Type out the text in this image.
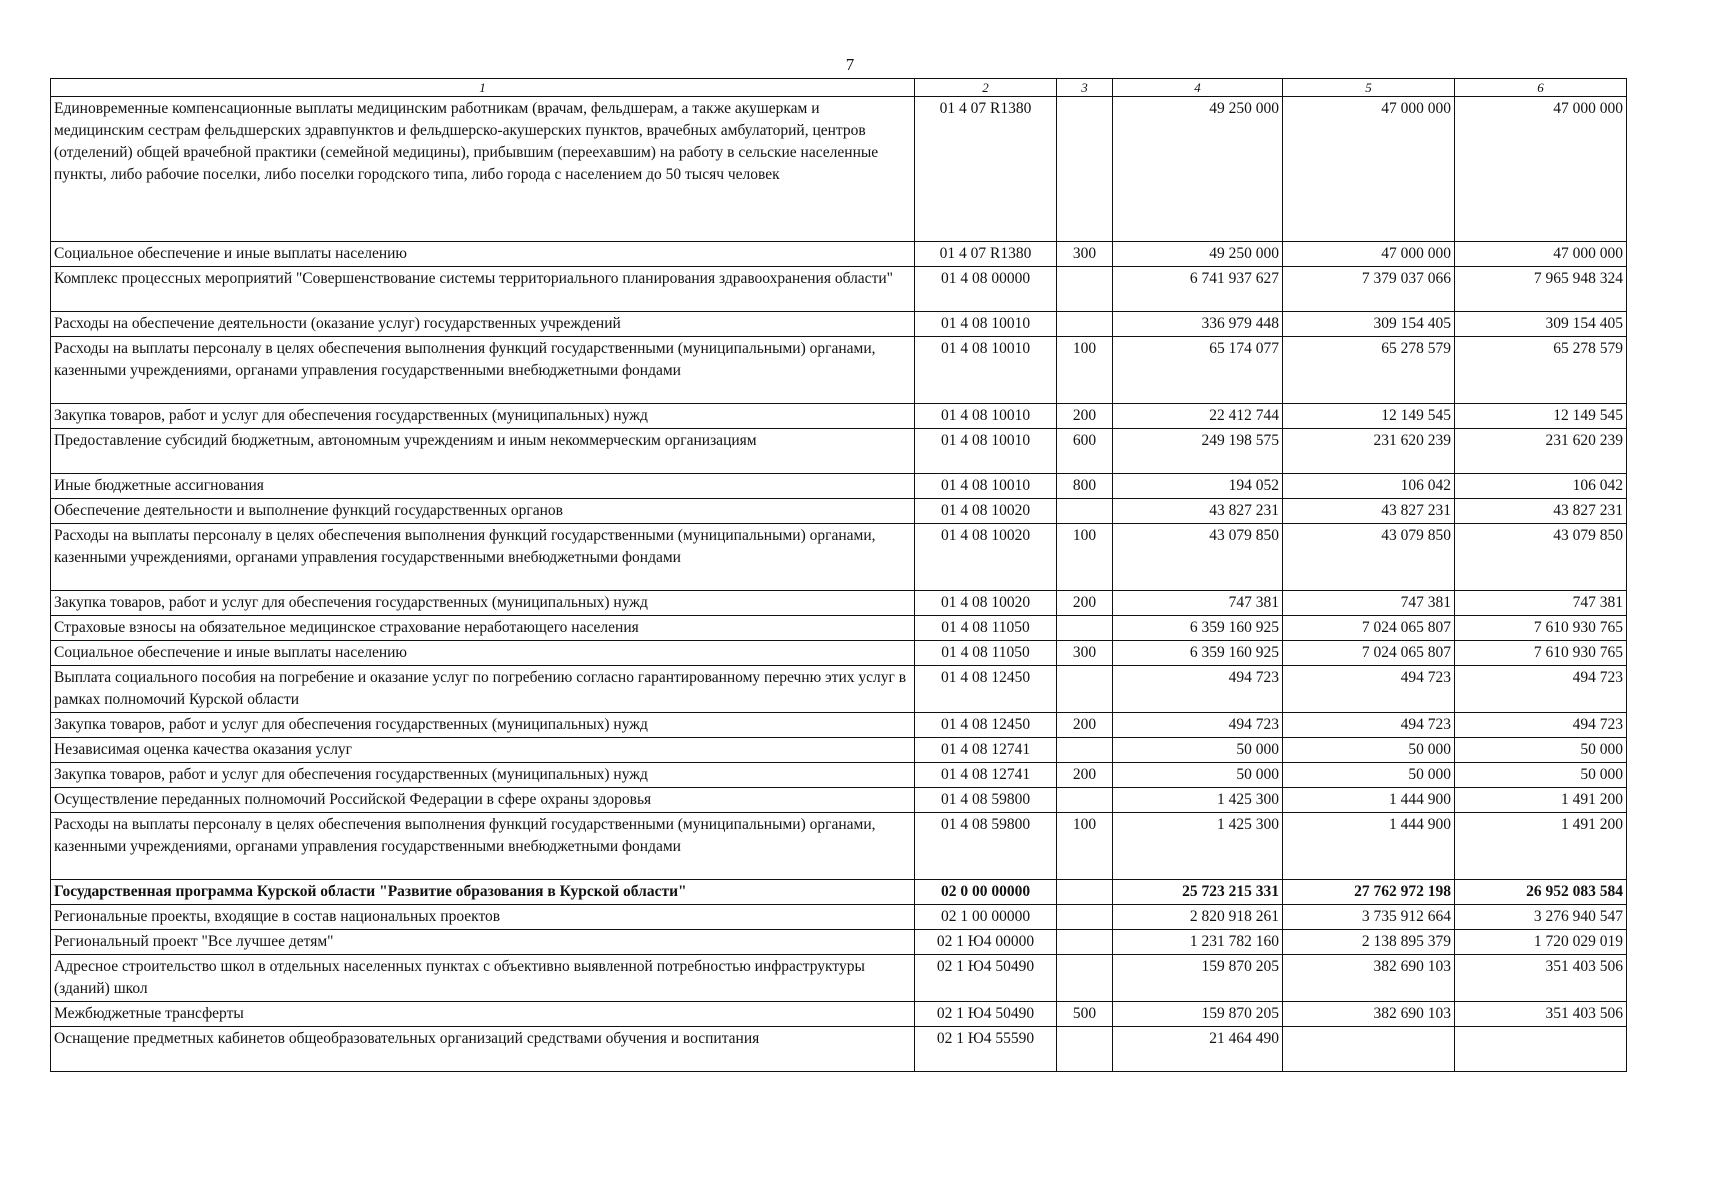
7
1	2	3	4	5	6
Единовременные компенсационные выплаты медицинским работникам (врачам, фельдшерам, а также акушеркам и медицинским сестрам фельдшерских здравпунктов и фельдшерско-акушерских пунктов, врачебных амбулаторий, центров (отделений) общей врачебной практики (семейной медицины), прибывшим (переехавшим) на работу в сельские населенные пункты, либо рабочие поселки, либо поселки городского типа, либо города с населением до 50 тысяч человек	01 4 07 R1380		49 250 000	47 000 000	47 000 000
Социальное обеспечение и иные выплаты населению	01 4 07 R1380	300	49 250 000	47 000 000	47 000 000
Комплекс процессных мероприятий "Совершенствование системы территориального планирования здравоохранения области"	01 4 08 00000		6 741 937 627	7 379 037 066	7 965 948 324
Расходы на обеспечение деятельности (оказание услуг) государственных учреждений	01 4 08 10010		336 979 448	309 154 405	309 154 405
Расходы на выплаты персоналу в целях обеспечения выполнения функций государственными (муниципальными) органами, казенными учреждениями, органами управления государственными внебюджетными фондами	01 4 08 10010	100	65 174 077	65 278 579	65 278 579
Закупка товаров, работ и услуг для обеспечения государственных (муниципальных) нужд	01 4 08 10010	200	22 412 744	12 149 545	12 149 545
Предоставление субсидий бюджетным, автономным учреждениям и иным некоммерческим организациям	01 4 08 10010	600	249 198 575	231 620 239	231 620 239
Иные бюджетные ассигнования	01 4 08 10010	800	194 052	106 042	106 042
Обеспечение деятельности и выполнение функций государственных органов	01 4 08 10020		43 827 231	43 827 231	43 827 231
Расходы на выплаты персоналу в целях обеспечения выполнения функций государственными (муниципальными) органами, казенными учреждениями, органами управления государственными внебюджетными фондами	01 4 08 10020	100	43 079 850	43 079 850	43 079 850
Закупка товаров, работ и услуг для обеспечения государственных (муниципальных) нужд	01 4 08 10020	200	747 381	747 381	747 381
Страховые взносы на обязательное медицинское страхование неработающего населения	01 4 08 11050		6 359 160 925	7 024 065 807	7 610 930 765
Социальное обеспечение и иные выплаты населению	01 4 08 11050	300	6 359 160 925	7 024 065 807	7 610 930 765
Выплата социального пособия на погребение и оказание услуг по погребению согласно гарантированному перечню этих услуг в рамках полномочий Курской области	01 4 08 12450		494 723	494 723	494 723
Закупка товаров, работ и услуг для обеспечения государственных (муниципальных) нужд	01 4 08 12450	200	494 723	494 723	494 723
Независимая оценка качества оказания услуг	01 4 08 12741		50 000	50 000	50 000
Закупка товаров, работ и услуг для обеспечения государственных (муниципальных) нужд	01 4 08 12741	200	50 000	50 000	50 000
Осуществление переданных полномочий Российской Федерации в сфере охраны здоровья	01 4 08 59800		1 425 300	1 444 900	1 491 200
Расходы на выплаты персоналу в целях обеспечения выполнения функций государственными (муниципальными) органами, казенными учреждениями, органами управления государственными внебюджетными фондами	01 4 08 59800	100	1 425 300	1 444 900	1 491 200
Государственная программа Курской области "Развитие образования в Курской области"	02 0 00 00000		25 723 215 331	27 762 972 198	26 952 083 584
Региональные проекты, входящие в состав национальных проектов	02 1 00 00000		2 820 918 261	3 735 912 664	3 276 940 547
Региональный проект "Все лучшее детям"	02 1 Ю4 00000		1 231 782 160	2 138 895 379	1 720 029 019
Адресное строительство школ в отдельных населенных пунктах с объективно выявленной потребностью инфраструктуры (зданий) школ	02 1 Ю4 50490		159 870 205	382 690 103	351 403 506
Межбюджетные трансферты	02 1 Ю4 50490	500	159 870 205	382 690 103	351 403 506
Оснащение предметных кабинетов общеобразовательных организаций средствами обучения и воспитания	02 1 Ю4 55590		21 464 490		
